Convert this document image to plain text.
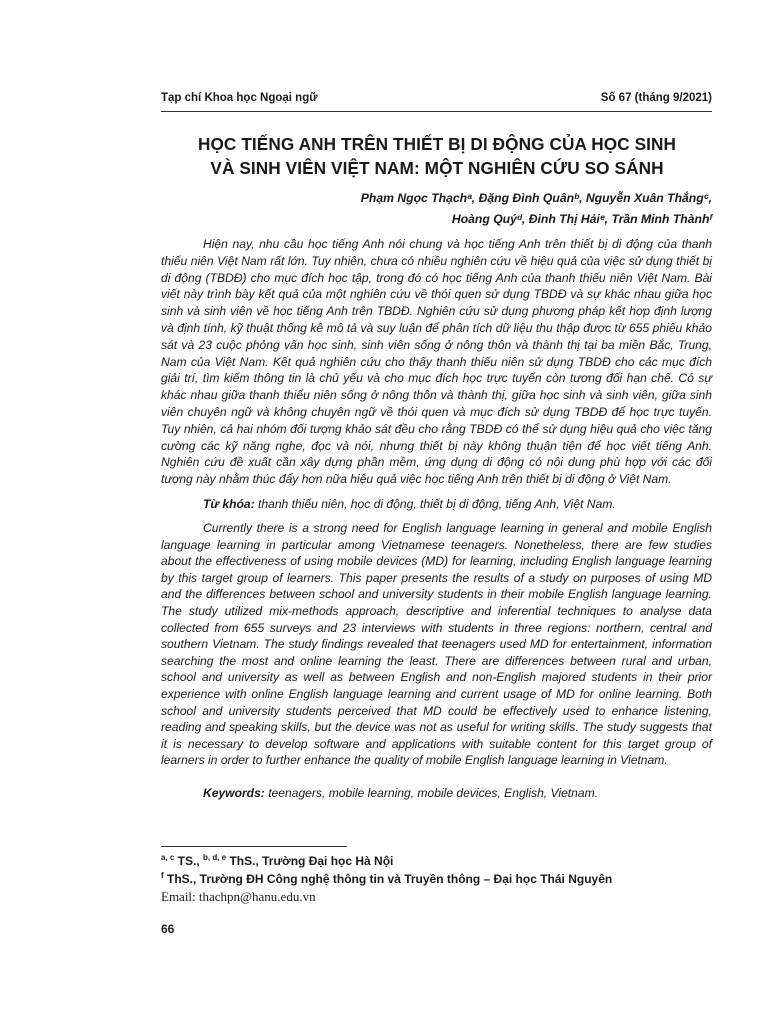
Tạp chí Khoa học Ngoại ngữ	Số 67 (tháng 9/2021)
HỌC TIẾNG ANH TRÊN THIẾT BỊ DI ĐỘNG CỦA HỌC SINH
VÀ SINH VIÊN VIỆT NAM: MỘT NGHIÊN CỨU SO SÁNH
Phạm Ngọc Thạchᵃ, Đặng Đình Quânᵇ, Nguyễn Xuân Thắngᶜ,
Hoàng Quýᵈ, Đinh Thị Hảiᵉ, Trần Minh Thànhᶠ

Hiện nay, nhu cầu học tiếng Anh nói chung và học tiếng Anh trên thiết bị di động của thanh thiếu niên Việt Nam rất lớn. Tuy nhiên, chưa có nhiều nghiên cứu về hiệu quả của việc sử dụng thiết bị di động (TBDĐ) cho mục đích học tập, trong đó có học tiếng Anh của thanh thiếu niên Việt Nam. Bài viết này trình bày kết quả của một nghiên cứu về thói quen sử dụng TBDĐ và sự khác nhau giữa học sinh và sinh viên về học tiếng Anh trên TBDĐ. Nghiên cứu sử dụng phương pháp kết hợp định lượng và định tính, kỹ thuật thống kê mô tả và suy luận để phân tích dữ liệu thu thập được từ 655 phiếu khảo sát và 23 cuộc phỏng vấn học sinh, sinh viên sống ở nông thôn và thành thị tại ba miền Bắc, Trung, Nam của Việt Nam. Kết quả nghiên cứu cho thấy thanh thiếu niên sử dụng TBDĐ cho các mục đích giải trí, tìm kiếm thông tin là chủ yếu và cho mục đích học trực tuyến còn tương đối hạn chế. Có sự khác nhau giữa thanh thiếu niên sống ở nông thôn và thành thị, giữa học sinh và sinh viên, giữa sinh viên chuyên ngữ và không chuyên ngữ về thói quen và mục đích sử dụng TBDĐ để học trực tuyến. Tuy nhiên, cả hai nhóm đối tượng khảo sát đều cho rằng TBDĐ có thể sử dụng hiệu quả cho việc tăng cường các kỹ năng nghe, đọc và nói, nhưng thiết bị này không thuận tiện để học viết tiếng Anh. Nghiên cứu đề xuất cần xây dựng phần mềm, ứng dụng di động có nội dung phù hợp với các đối tượng này nhằm thúc đẩy hơn nữa hiệu quả việc học tiếng Anh trên thiết bị di động ở Việt Nam.

Từ khóa: thanh thiếu niên, học di động, thiết bị di động, tiếng Anh, Việt Nam.

Currently there is a strong need for English language learning in general and mobile English language learning in particular among Vietnamese teenagers. Nonetheless, there are few studies about the effectiveness of using mobile devices (MD) for learning, including English language learning by this target group of learners. This paper presents the results of a study on purposes of using MD and the differences between school and university students in their mobile English language learning. The study utilized mix-methods approach, descriptive and inferential techniques to analyse data collected from 655 surveys and 23 interviews with students in three regions: northern, central and southern Vietnam. The study findings revealed that teenagers used MD for entertainment, information searching the most and online learning the least. There are differences between rural and urban, school and university as well as between English and non-English majored students in their prior experience with online English language learning and current usage of MD for online learning. Both school and university students perceived that MD could be effectively used to enhance listening, reading and speaking skills, but the device was not as useful for writing skills. The study suggests that it is necessary to develop software and applications with suitable content for this target group of learners in order to further enhance the quality of mobile English language learning in Vietnam.

Keywords: teenagers, mobile learning, mobile devices, English, Vietnam.

$^{a, c}$ TS., $^{b, d, e}$ ThS., Trường Đại học Hà Nội
$^f$ ThS., Trường ĐH Công nghệ thông tin và Truyền thông – Đại học Thái Nguyên
Email: thachpn@hanu.edu.vn
66
